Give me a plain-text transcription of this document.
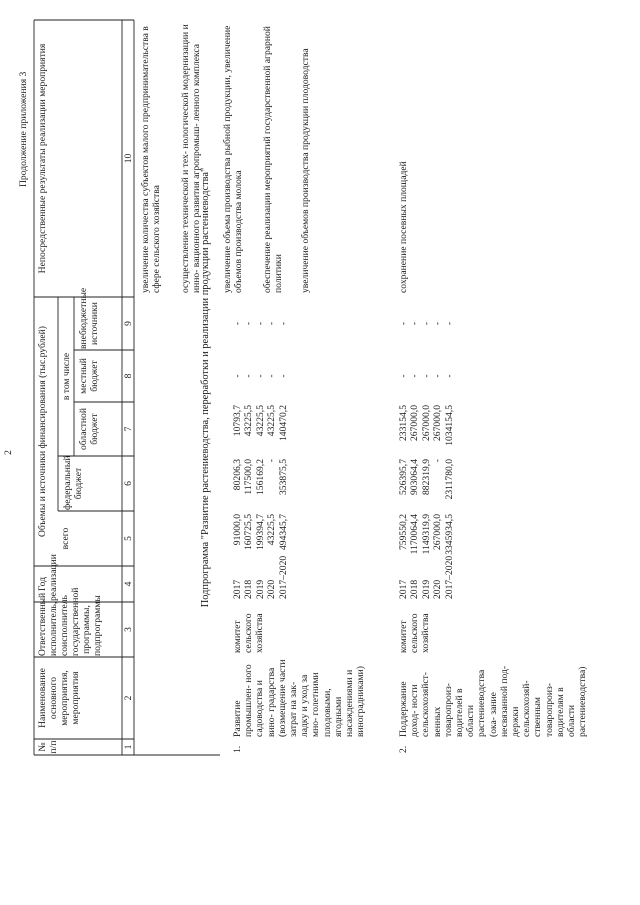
2
Продолжение приложения 3
№ п/п
Наименование основного мероприятия, мероприятия
Ответственный исполнитель, соисполнитель государственной программы, подпрограммы
Год реализации
Объемы и источники финансирования (тыс.рублей)
всего
федеральный бюджет
в том числе
областной бюджет
местный бюджет
внебюджетные источники
Непосредственные результаты реализации мероприятия
1
2
3
4
5
6
7
8
9
10
Подпрограмма "Развитие растениеводства, переработки и реализации продукции растениеводства"
1.
Развитие промышлен- ного садоводства и вино- градарства (возмещение части затрат на зак- ладку и уход за мно- голетними плодовыми, ягодными насаждениями и виноградниками)
комитет сельского хозяйства
2017 2018 2019 2020 2017–2020
91000,0 160725,5 199394,7 43225,5 494345,7
80206,3 117500,0 156169,2 - 353875,5
10793,7 43225,5 43225,5 43225,5 140470,2
- - - - -
- - - - -
2.
Поддержание доход- ности сельскохозяйст- венных товаропроиз- водителей в области растениеводства (ока- зание несвязанной под- держки сельскохозяй- ственным товаропроиз- водителям в области растениеводства)
комитет сельского хозяйства
2017 2018 2019 2020 2017–2020
759550,2 1170064,4 1149319,9 267000,0 3345934,5
526395,7 903064,4 882319,9 - 2311780,0
233154,5 267000,0 267000,0 267000,0 1034154,5
- - - - -
- - - - -
увеличение количества субъектов малого предпринимательства в сфере сельского хозяйства осуществление технической и тех- нологической модернизации и инно- вационного развития агропромыш- ленного комплекса увеличение объема производства рыбной продукции, увеличение объемов производства молока обеспечение реализации мероприятий государственной аграрной политики увеличение объемов производства продукции плодоводства	сохранение посевных площадей
